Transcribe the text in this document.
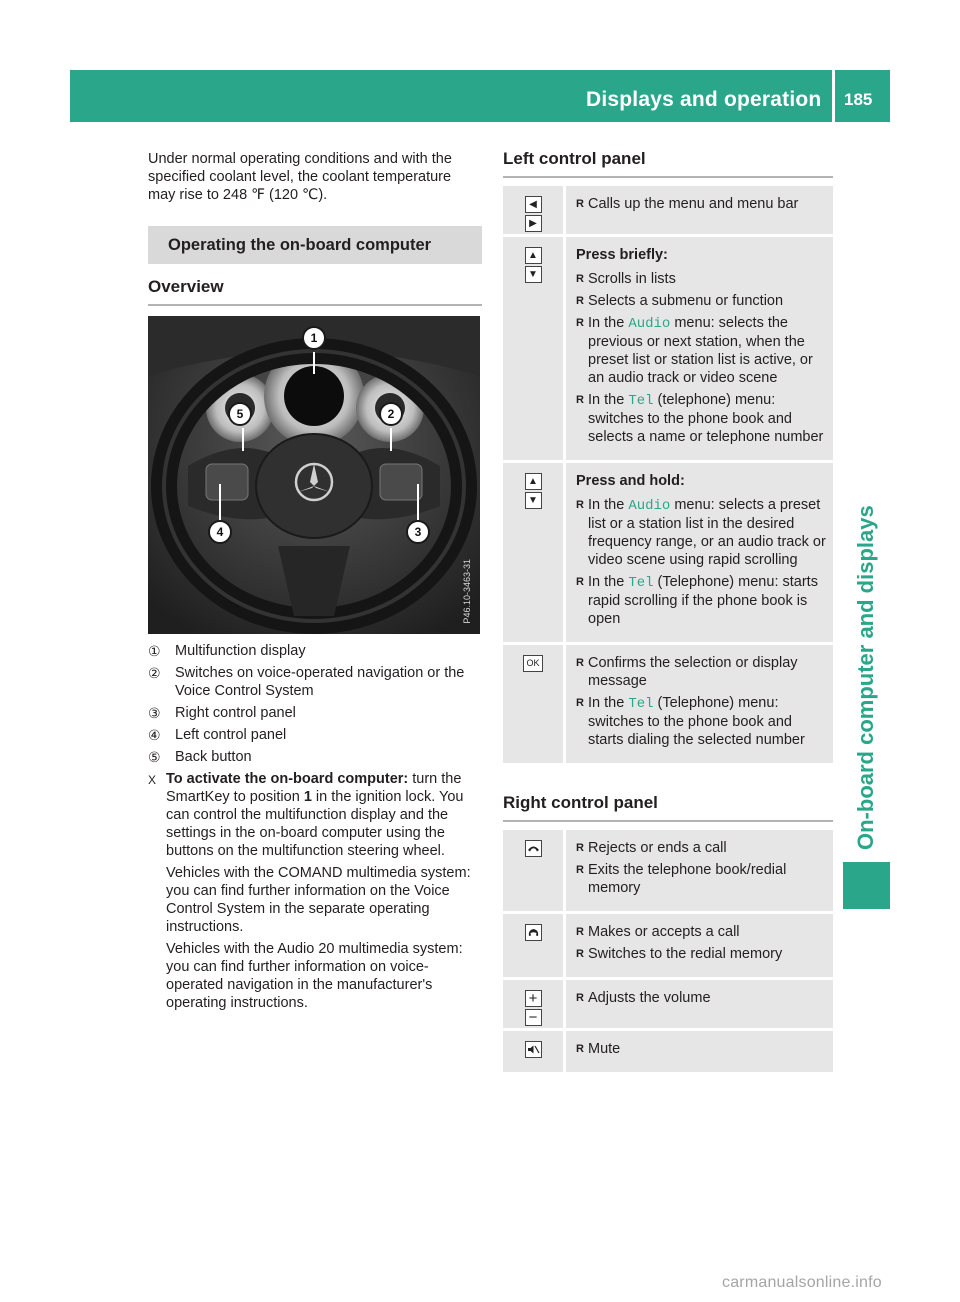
Displays and operation 185
On-board computer and displays

Under normal operating conditions and with the specified coolant level, the coolant temperature may rise to 248 ℉ (120 ℃).

Operating the on-board computer
Overview
1
2
3
4
5
P46.10-3463-31
① Multifunction display
② Switches on voice-operated navigation or the Voice Control System
③ Right control panel
④ Left control panel
⑤ Back button
X To activate the on-board computer: turn the SmartKey to position 1 in the ignition lock. You can control the multifunction display and the settings in the on-board computer using the buttons on the multifunction steering wheel.

Vehicles with the COMAND multimedia system: you can find further information on the Voice Control System in the separate operating instructions.

Vehicles with the Audio 20 multimedia system: you can find further information on voice-operated navigation in the manufacturer's operating instructions.

Left control panel
◀
▶
R Calls up the menu and menu bar
▲
▼
Press briefly:
R Scrolls in lists
R Selects a submenu or function
R In the Audio menu: selects the previous or next station, when the preset list or station list is active, or an audio track or video scene
R In the Tel (telephone) menu: switches to the phone book and selects a name or telephone number
▲
▼
Press and hold:
R In the Audio menu: selects a preset list or a station list in the desired frequency range, or an audio track or video scene using rapid scrolling
R In the Tel (Telephone) menu: starts rapid scrolling if the phone book is open
OK
R	Confirms the selection or display message
R In the Tel (Telephone) menu: switches to the phone book and starts dialing the selected number
Right control panel
R Rejects or ends a call
R Exits the telephone book/redial memory
R Makes or accepts a call
R Switches to the redial memory
+
−
R Adjusts the volume
R Mute
carmanualsonline.info
